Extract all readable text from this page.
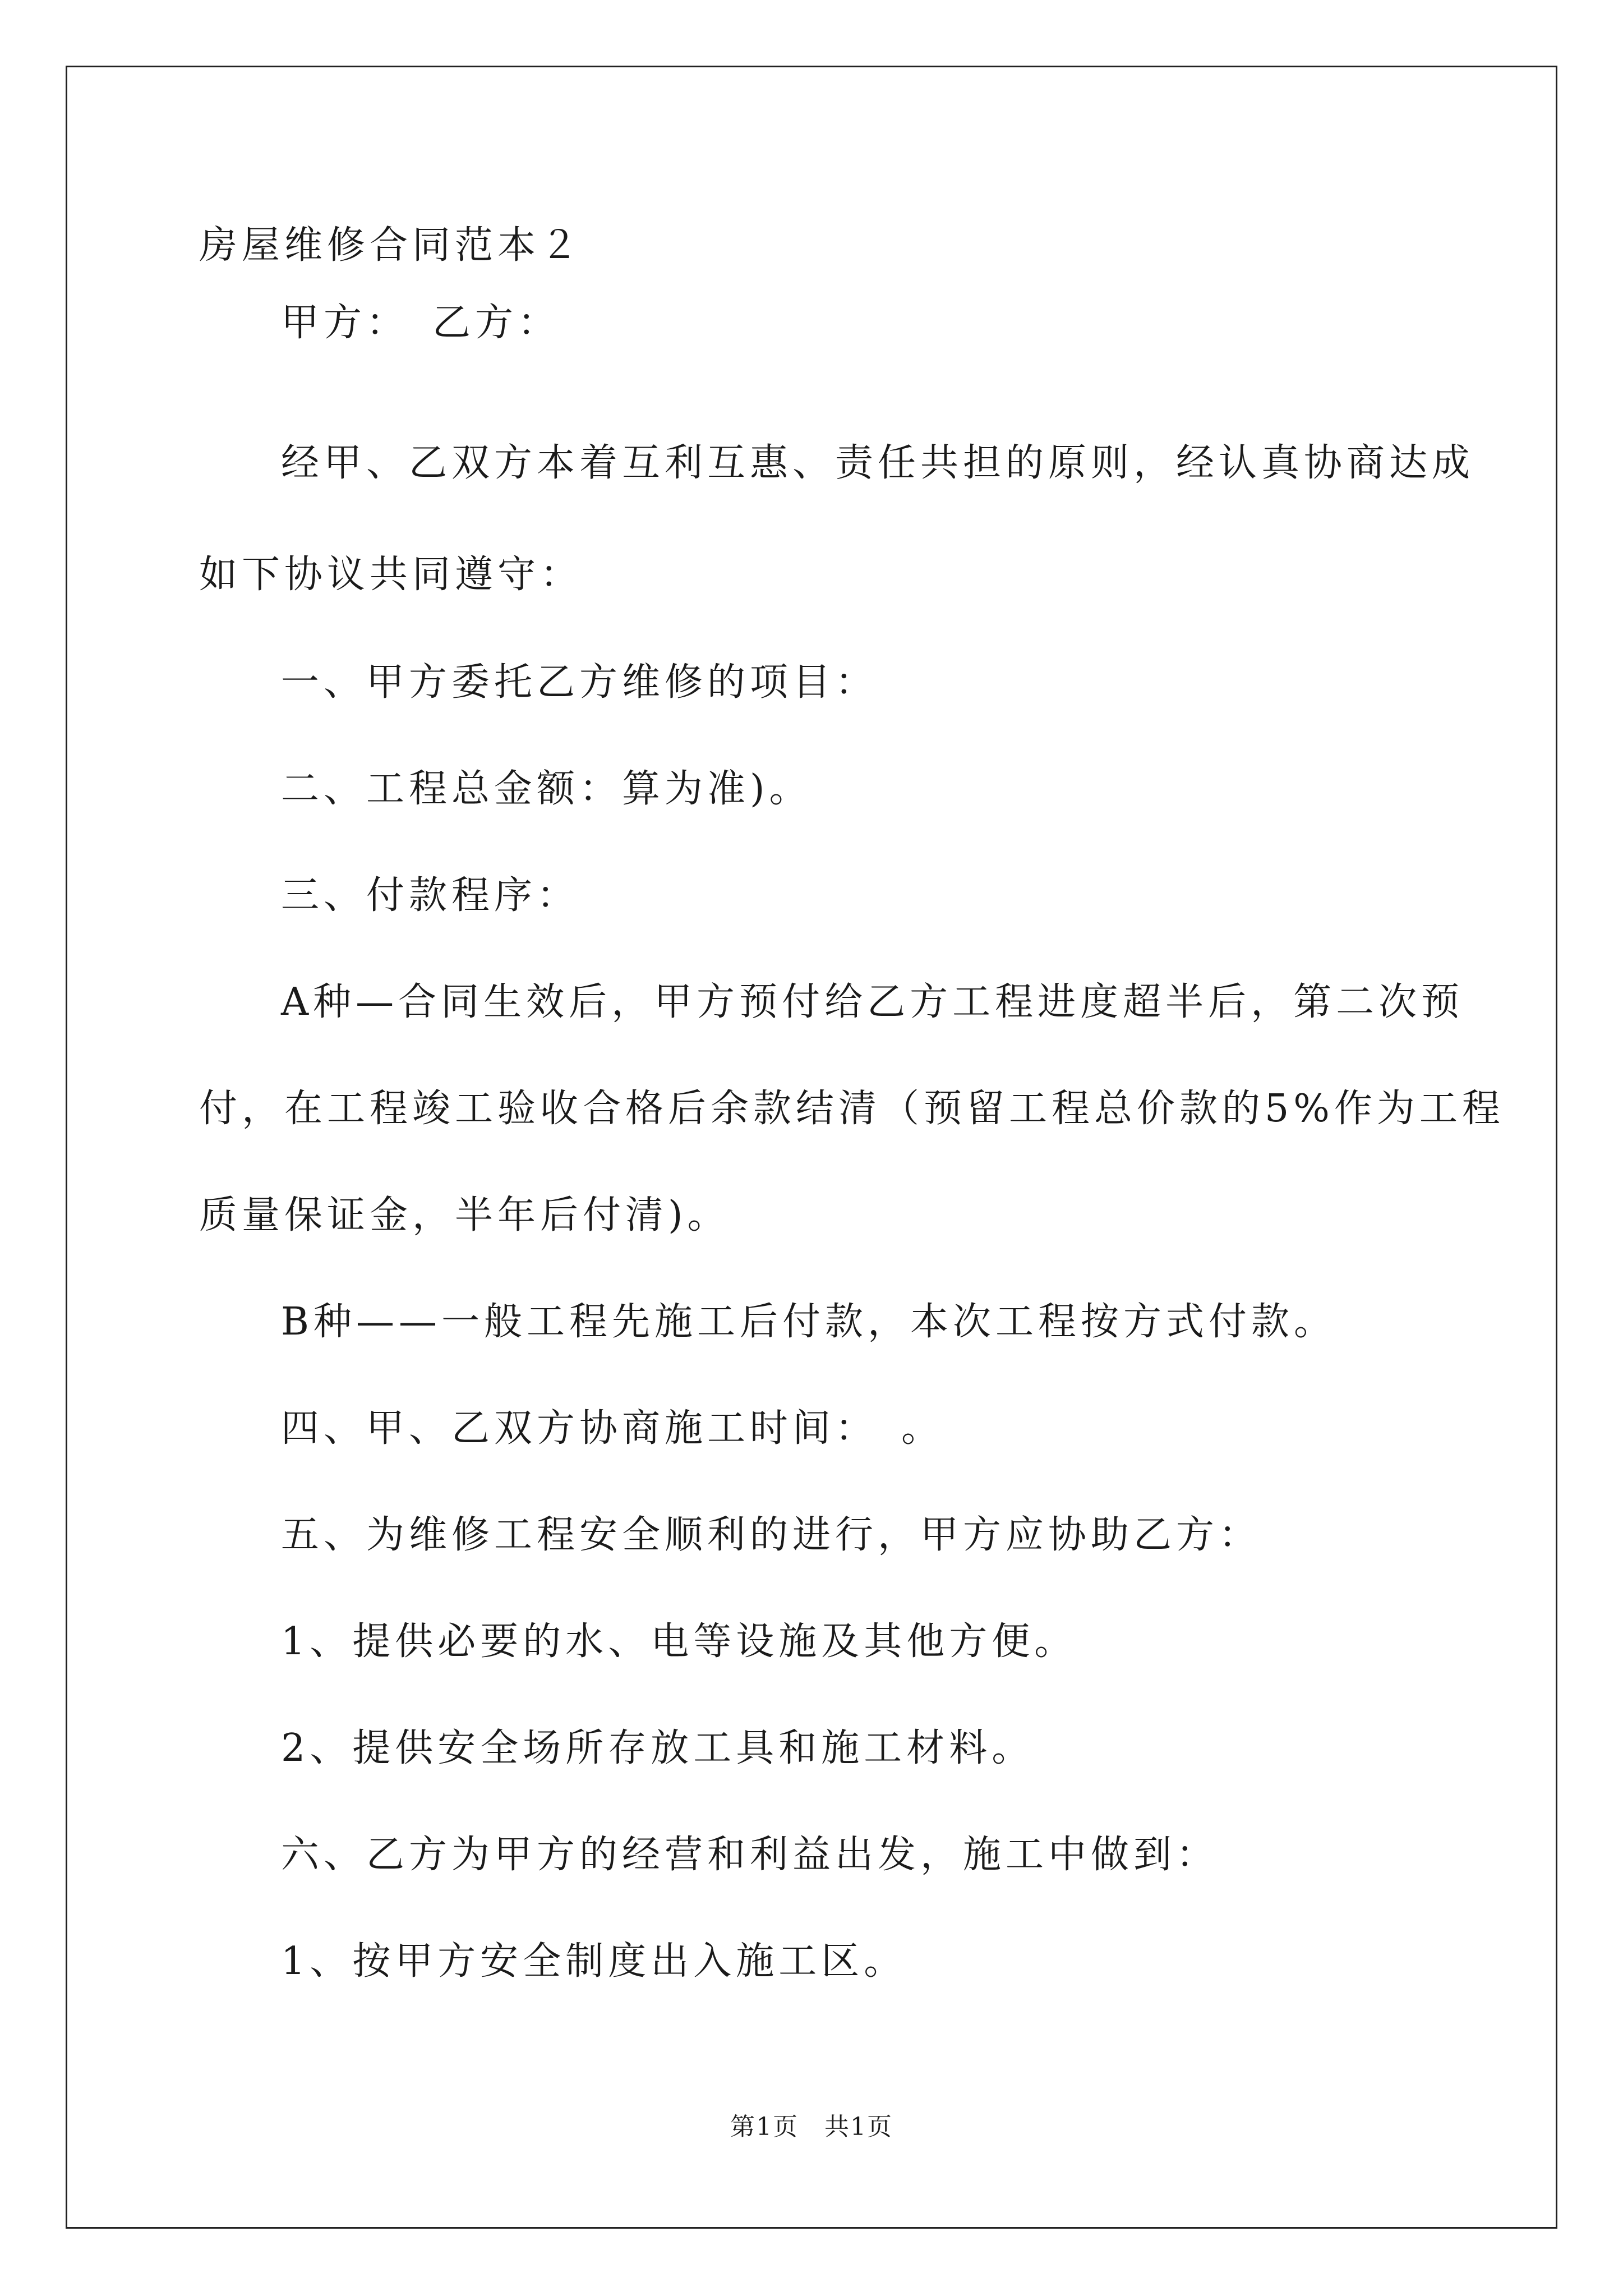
房屋维修合同范本２
甲方：　乙方：
经甲、乙双方本着互利互惠、责任共担的原则，经认真协商达成
如下协议共同遵守：
一、甲方委托乙方维修的项目：
二、工程总金额：算为准)。
三、付款程序：
A种—合同生效后，甲方预付给乙方工程进度超半后，第二次预
付，在工程竣工验收合格后余款结清（预留工程总价款的5%作为工程
质量保证金，半年后付清)。
B种——一般工程先施工后付款，本次工程按方式付款。
四、甲、乙双方协商施工时间：　。
五、为维修工程安全顺利的进行，甲方应协助乙方：
1、提供必要的水、电等设施及其他方便。
2、提供安全场所存放工具和施工材料。
六、乙方为甲方的经营和利益出发，施工中做到：
1、按甲方安全制度出入施工区。
第1页　共1页
